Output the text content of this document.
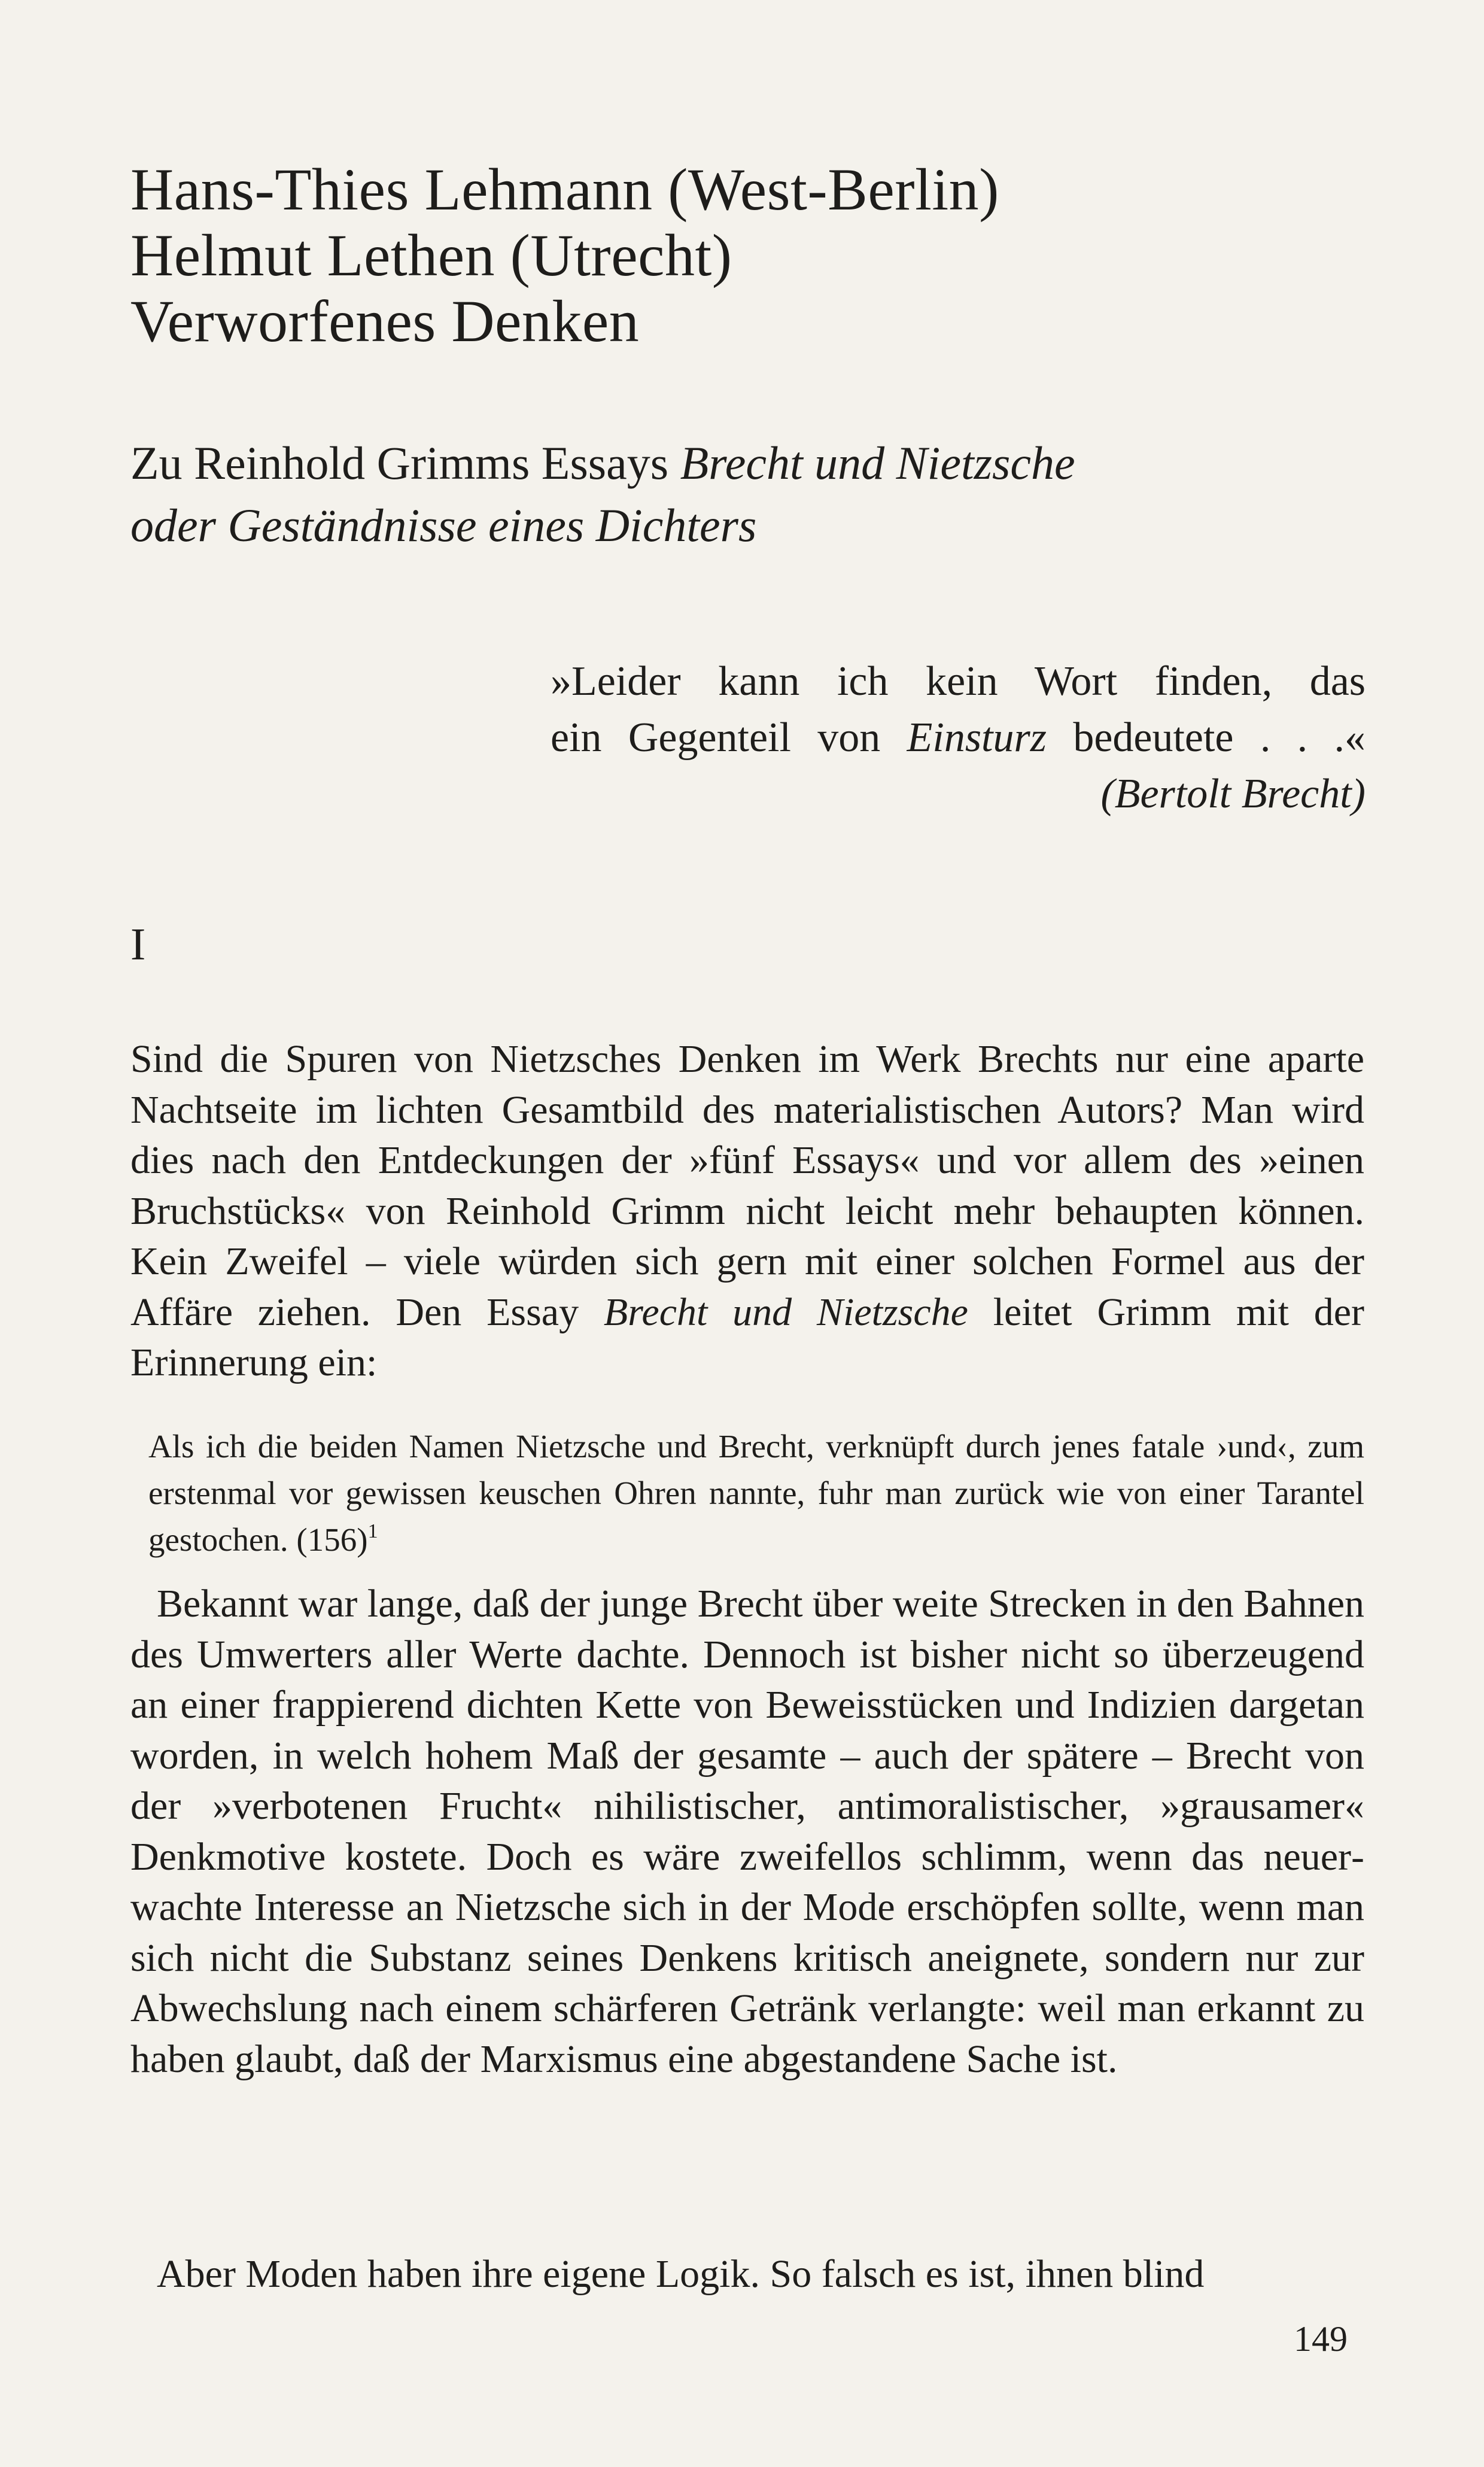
Hans-Thies Lehmann (West-Berlin)
Helmut Lethen (Utrecht)
Verworfenes Denken
Zu Reinhold Grimms Essays Brecht und Nietzsche
oder Geständnisse eines Dichters
»Leider kann ich kein Wort finden, das
ein Gegenteil von Einsturz bedeutete . . .«
(Bertolt Brecht)
I

Sind die Spuren von Nietzsches Denken im Werk Brechts nur eine aparte Nachtseite im lichten Gesamtbild des materialistischen Autors? Man wird dies nach den Entdeckungen der »fünf Essays« und vor allem des »einen Bruchstücks« von Reinhold Grimm nicht leicht mehr behaupten können. Kein Zweifel – viele würden sich gern mit einer solchen Formel aus der Affäre ziehen. Den Essay Brecht und Nietzsche leitet Grimm mit der Erinnerung ein:

Als ich die beiden Namen Nietzsche und Brecht, verknüpft durch jenes fatale ›und‹, zum erstenmal vor gewissen keuschen Ohren nannte, fuhr man zurück wie von einer Tarantel gestochen. $(156)^1$

Bekannt war lange, daß der junge Brecht über weite Strecken in den Bahnen des Umwerters aller Werte dachte. Dennoch ist bisher nicht so überzeugend an einer frappierend dichten Kette von Beweisstücken und Indizien dargetan worden, in welch hohem Maß der gesamte – auch der spätere – Brecht von der »verbotenen Frucht« nihilistischer, antimoralistischer, »grausamer« Denkmotive kostete. Doch es wäre zweifellos schlimm, wenn das neuerwachte Interesse an Nietzsche sich in der Mode erschöpfen sollte, wenn man sich nicht die Substanz seines Denkens kritisch aneignete, sondern nur zur Abwechslung nach einem schärferen Getränk verlangte: weil man erkannt zu haben glaubt, daß der Marxismus eine abgestandene Sache ist.

Aber Moden haben ihre eigene Logik. So falsch es ist, ihnen blind

149
